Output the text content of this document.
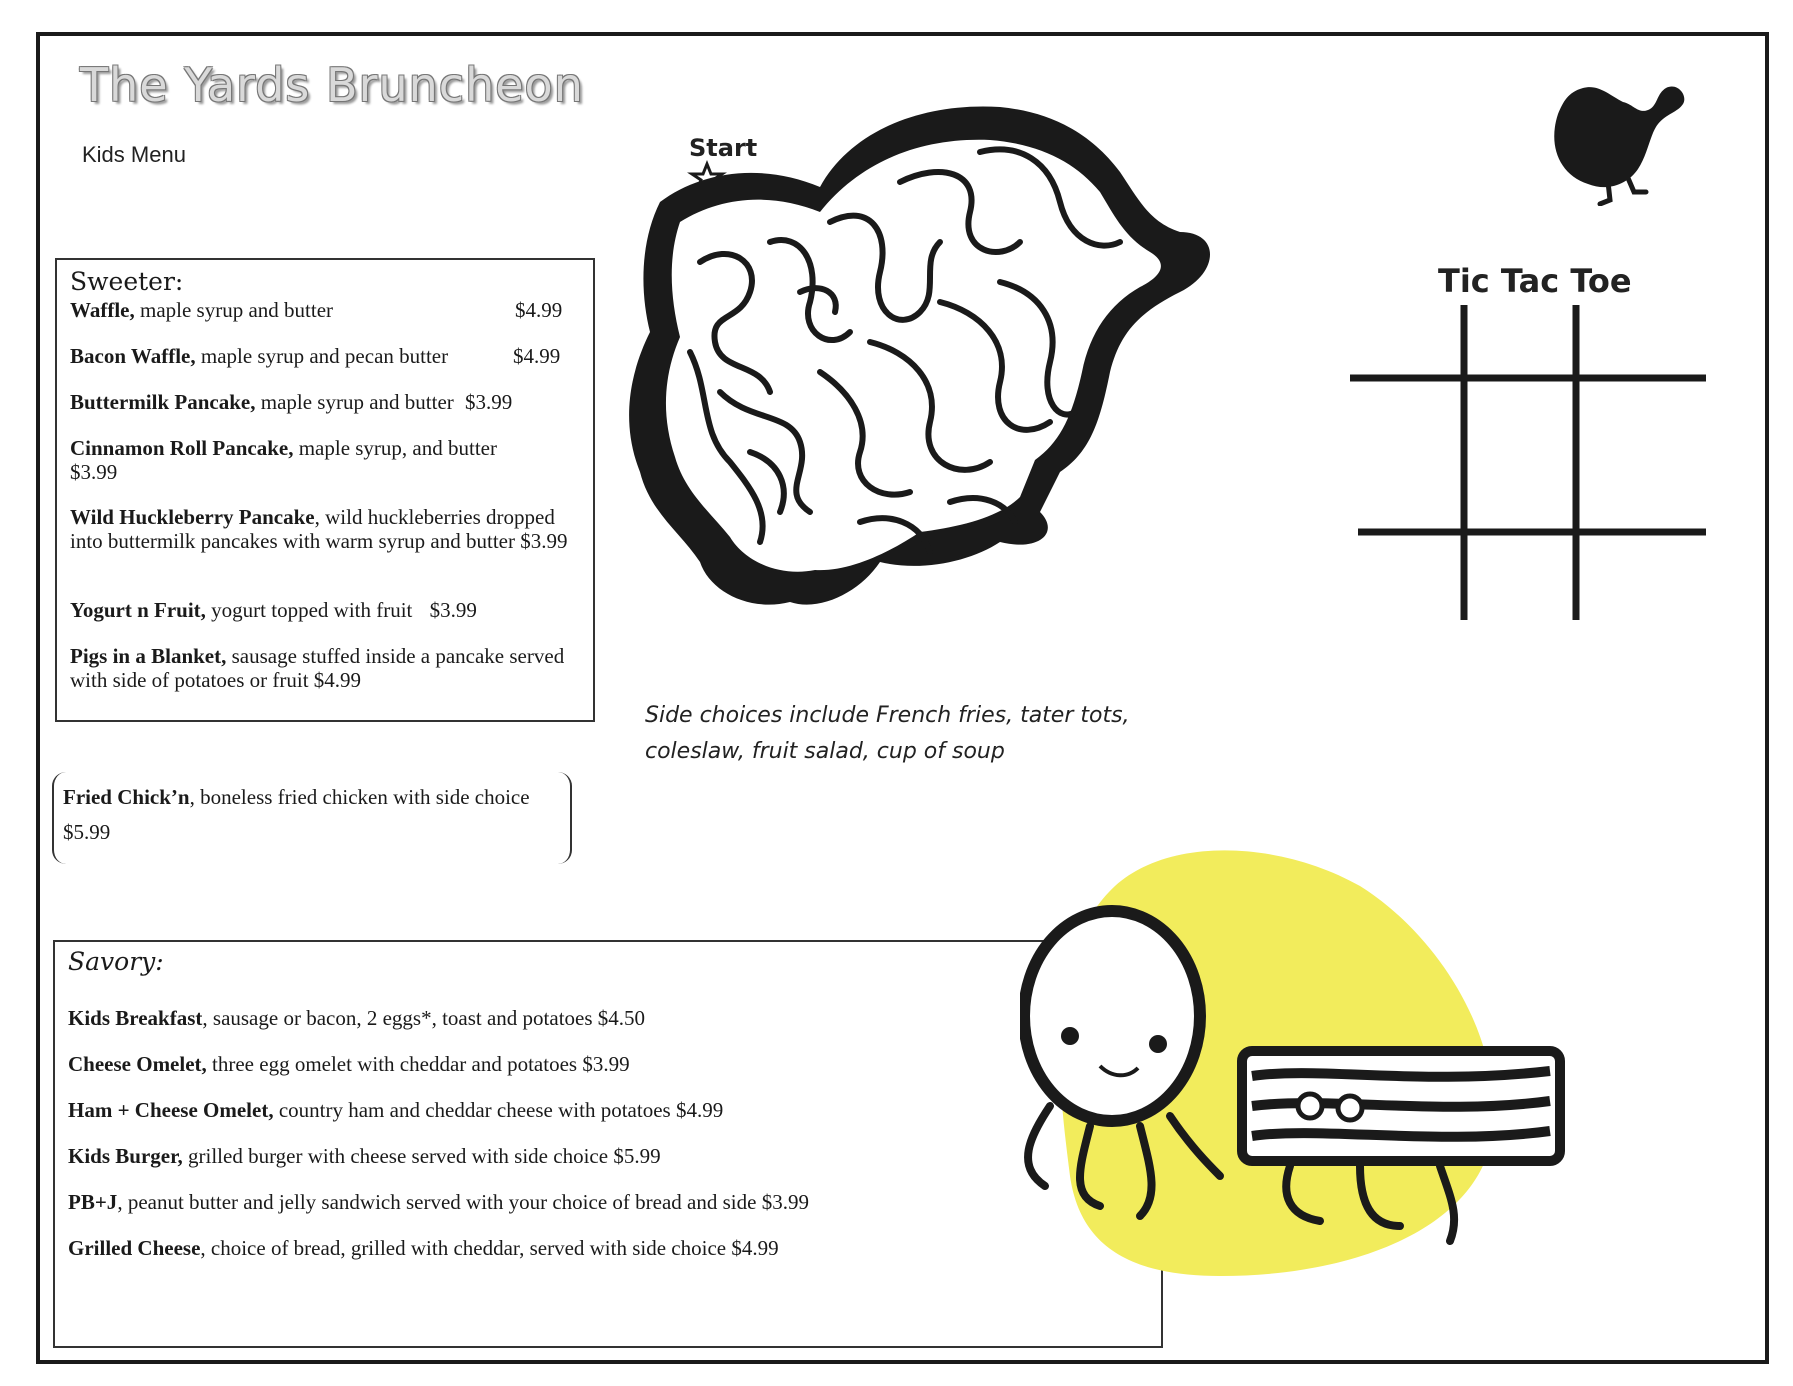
The Yards Bruncheon
Kids Menu
Sweeter:
Waffle, maple syrup and butter	$4.99
Bacon Waffle, maple syrup and pecan butter	$4.99
Buttermilk Pancake, maple syrup and butter $3.99
Cinnamon Roll Pancake, maple syrup, and butter
$3.99
Wild Huckleberry Pancake, wild huckleberries dropped into buttermilk pancakes with warm syrup and butter $3.99
Yogurt n Fruit, yogurt topped with fruit $3.99
Pigs in a Blanket, sausage stuffed inside a pancake served with side of potatoes or fruit $4.99
Fried Chick’n, boneless fried chicken with side choice $5.99
Savory:
Kids Breakfast, sausage or bacon, 2 eggs*, toast and potatoes $4.50
Cheese Omelet, three egg omelet with cheddar and potatoes $3.99
Ham + Cheese Omelet, country ham and cheddar cheese with potatoes $4.99
Kids Burger, grilled burger with cheese served with side choice $5.99
PB+J, peanut butter and jelly sandwich served with your choice of bread and side $3.99
Grilled Cheese, choice of bread, grilled with cheddar, served with side choice $4.99
Side choices include French fries, tater tots,
coleslaw, fruit salad, cup of soup
Start
Tic Tac Toe
